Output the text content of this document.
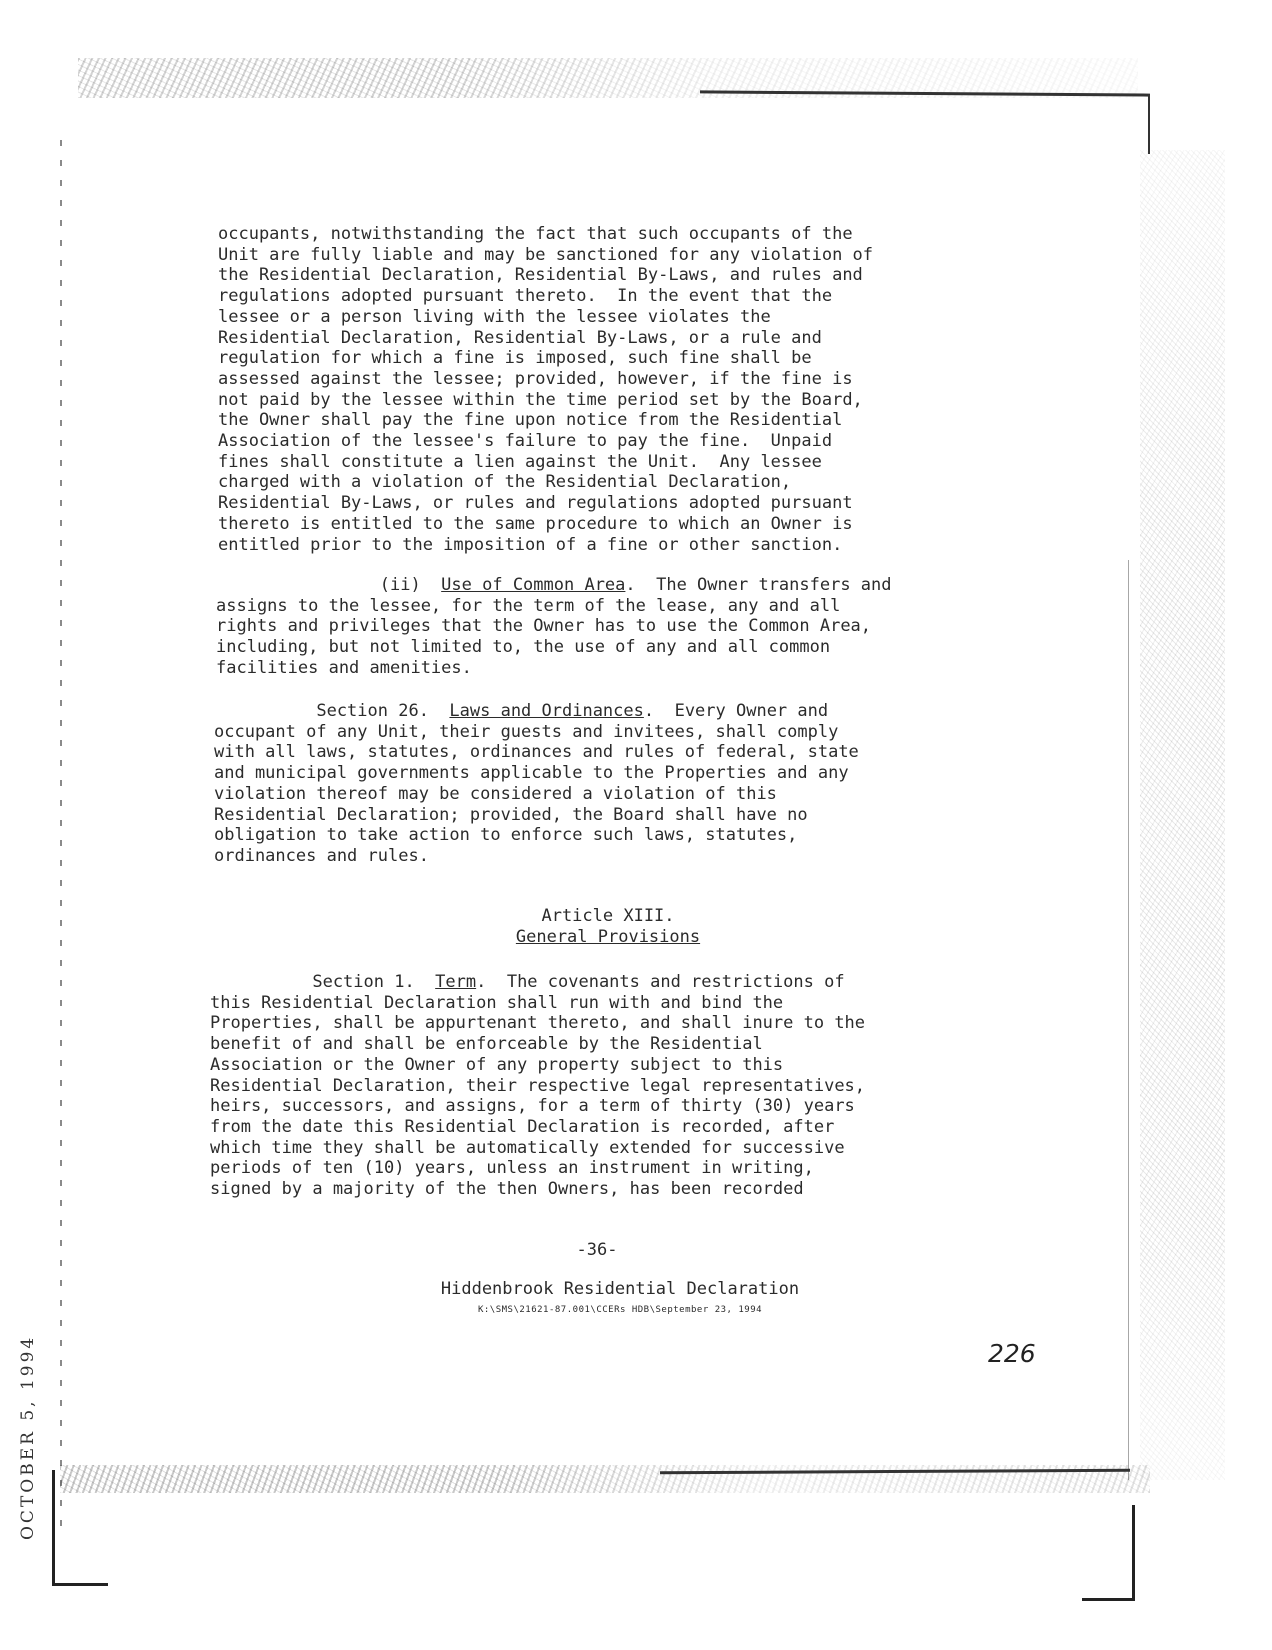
OCTOBER 5, 1994
occupants, notwithstanding the fact that such occupants of the
Unit are fully liable and may be sanctioned for any violation of
the Residential Declaration, Residential By-Laws, and rules and
regulations adopted pursuant thereto.  In the event that the
lessee or a person living with the lessee violates the
Residential Declaration, Residential By-Laws, or a rule and
regulation for which a fine is imposed, such fine shall be
assessed against the lessee; provided, however, if the fine is
not paid by the lessee within the time period set by the Board,
the Owner shall pay the fine upon notice from the Residential
Association of the lessee's failure to pay the fine.  Unpaid
fines shall constitute a lien against the Unit.  Any lessee
charged with a violation of the Residential Declaration,
Residential By-Laws, or rules and regulations adopted pursuant
thereto is entitled to the same procedure to which an Owner is
entitled prior to the imposition of a fine or other sanction.
(ii)  Use of Common Area.  The Owner transfers and
assigns to the lessee, for the term of the lease, any and all
rights and privileges that the Owner has to use the Common Area,
including, but not limited to, the use of any and all common
facilities and amenities.
Section 26.  Laws and Ordinances.  Every Owner and
occupant of any Unit, their guests and invitees, shall comply
with all laws, statutes, ordinances and rules of federal, state
and municipal governments applicable to the Properties and any
violation thereof may be considered a violation of this
Residential Declaration; provided, the Board shall have no
obligation to take action to enforce such laws, statutes,
ordinances and rules.
Article XIII.
General Provisions
Section 1.  Term.  The covenants and restrictions of
this Residential Declaration shall run with and bind the
Properties, shall be appurtenant thereto, and shall inure to the
benefit of and shall be enforceable by the Residential
Association or the Owner of any property subject to this
Residential Declaration, their respective legal representatives,
heirs, successors, and assigns, for a term of thirty (30) years
from the date this Residential Declaration is recorded, after
which time they shall be automatically extended for successive
periods of ten (10) years, unless an instrument in writing,
signed by a majority of the then Owners, has been recorded
-36-
Hiddenbrook Residential Declaration
K:\SMS\21621-87.001\CCERs HDB\September 23, 1994
226
